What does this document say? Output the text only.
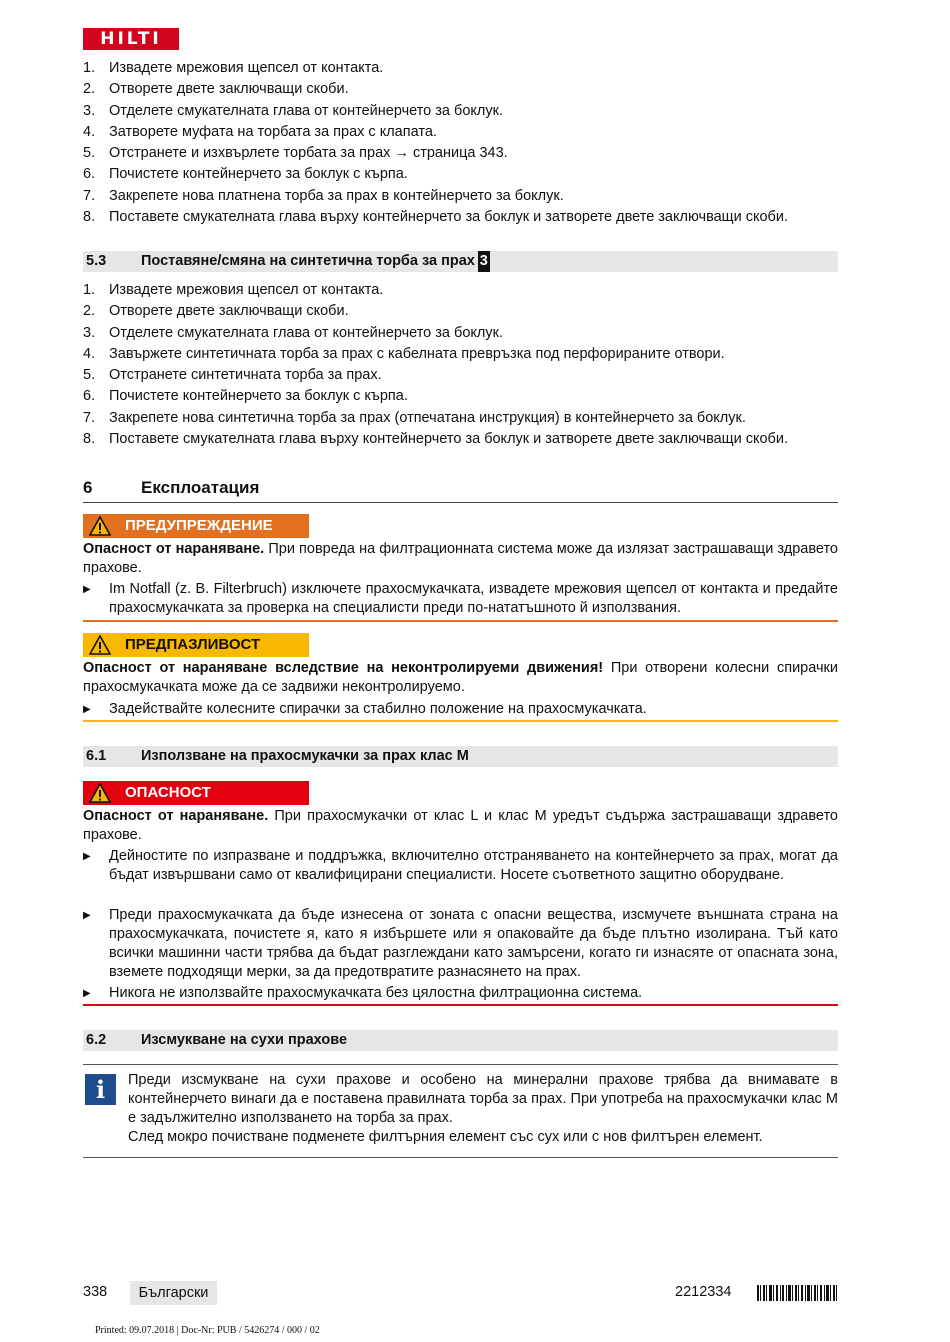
HILTI
1. Извадете мрежовия щепсел от контакта.
2. Отворете двете заключващи скоби.
3. Отделете смукателната глава от контейнерчето за боклук.
4. Затворете муфата на торбата за прах с клапата.
5. Отстранете и изхвърлете торбата за прах → страница 343.
6. Почистете контейнерчето за боклук с кърпа.
7. Закрепете нова платнена торба за прах в контейнерчето за боклук.
8. Поставете смукателната глава върху контейнерчето за боклук и затворете двете заключващи скоби.
5.3 Поставяне/смяна на синтетична торба за прах 3
1. Извадете мрежовия щепсел от контакта.
2. Отворете двете заключващи скоби.
3. Отделете смукателната глава от контейнерчето за боклук.
4. Завържете синтетичната торба за прах с кабелната превръзка под перфорираните отвори.
5. Отстранете синтетичната торба за прах.
6. Почистете контейнерчето за боклук с кърпа.
7. Закрепете нова синтетична торба за прах (отпечатана инструкция) в контейнерчето за боклук.
8. Поставете смукателната глава върху контейнерчето за боклук и затворете двете заключващи скоби.
6	Експлоатация
ПРЕДУПРЕЖДЕНИЕ
Опасност от нараняване. При повреда на филтрационната система може да излязат застрашаващи здравето прахове.
▶ Im Notfall (z. B. Filterbruch) изключете прахосмукачката, извадете мрежовия щепсел от контакта и предайте прахосмукачката за проверка на специалисти преди по-нататъшното й използвания.
ПРЕДПАЗЛИВОСТ
Опасност от нараняване вследствие на неконтролируеми движения! При отворени колесни спирачки прахосмукачката може да се задвижи неконтролируемо.
▶ Задействайте колесните спирачки за стабилно положение на прахосмукачката.
6.1 Използване на прахосмукачки за прах клас M
ОПАСНОСТ
Опасност от нараняване. При прахосмукачки от клас L и клас M уредът съдържа застрашаващи здравето прахове.
▶ Дейностите по изпразване и поддръжка, включително отстраняването на контейнерчето за прах, могат да бъдат извършвани само от квалифицирани специалисти. Носете съответното защитно оборудване.
▶ Преди прахосмукачката да бъде изнесена от зоната с опасни вещества, изсмучете външната страна на прахосмукачката, почистете я, като я избършете или я опаковайте да бъде плътно изолирана. Тъй като всички машинни части трябва да бъдат разглеждани като замърсени, когато ги изнасяте от опасната зона, вземете подходящи мерки, за да предотвратите разнасянето на прах.
▶ Никога не използвайте прахосмукачката без цялостна филтрационна система.
6.2 Изсмукване на сухи прахове
i	Преди изсмукване на сухи прахове и особено на минерални прахове трябва да внимавате в контейнерчето винаги да е поставена правилната торба за прах. При употреба на прахосмукачки клас M е задължително използването на торба за прах.
След мокро почистване подменете филтърния елемент със сух или с нов филтърен елемент.
338	Български	2212334
Printed: 09.07.2018 | Doc-Nr: PUB / 5426274 / 000 / 02
